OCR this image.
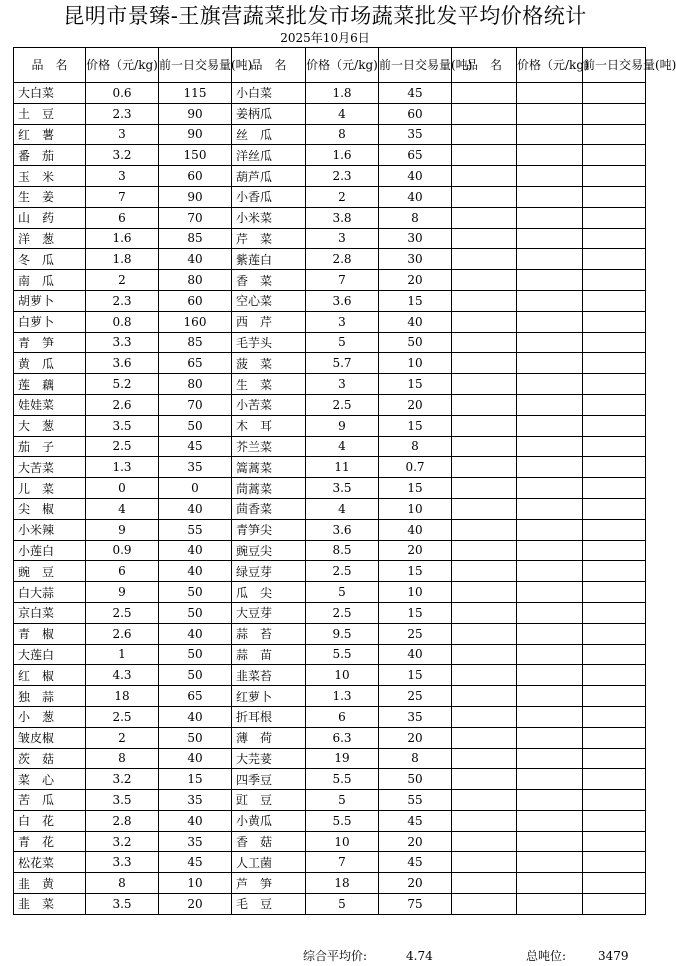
昆明市景臻-王旗营蔬菜批发市场蔬菜批发平均价格统计
2025年10月6日
品　名	价格（元/kg)	前一日交易量(吨)	品　名	价格（元/kg)	前一日交易量(吨)	品　名	价格（元/kg)	前一日交易量(吨)
大白菜	0.6	115	小白菜	1.8	45			
土　豆	2.3	90	姜柄瓜	4	60			
红　薯	3	90	丝　瓜	8	35			
番　茄	3.2	150	洋丝瓜	1.6	65			
玉　米	3	60	葫芦瓜	2.3	40			
生　姜	7	90	小香瓜	2	40			
山　药	6	70	小米菜	3.8	8			
洋　葱	1.6	85	芹　菜	3	30			
冬　瓜	1.8	40	紫莲白	2.8	30			
南　瓜	2	80	香　菜	7	20			
胡萝卜	2.3	60	空心菜	3.6	15			
白萝卜	0.8	160	西　芹	3	40			
青　笋	3.3	85	毛芋头	5	50			
黄　瓜	3.6	65	菠　菜	5.7	10			
莲　藕	5.2	80	生　菜	3	15			
娃娃菜	2.6	70	小苦菜	2.5	20			
大　葱	3.5	50	木　耳	9	15			
茄　子	2.5	45	芥兰菜	4	8			
大苦菜	1.3	35	篙蒿菜	11	0.7			
儿　菜	0	0	茼蒿菜	3.5	15			
尖　椒	4	40	茴香菜	4	10			
小米辣	9	55	青笋尖	3.6	40			
小莲白	0.9	40	豌豆尖	8.5	20			
豌　豆	6	40	绿豆芽	2.5	15			
白大蒜	9	50	瓜　尖	5	10			
京白菜	2.5	50	大豆芽	2.5	15			
青　椒	2.6	40	蒜　苔	9.5	25			
大莲白	1	50	蒜　苗	5.5	40			
红　椒	4.3	50	韭菜苔	10	15			
独　蒜	18	65	红萝卜	1.3	25			
小　葱	2.5	40	折耳根	6	35			
皱皮椒	2	50	薄　荷	6.3	20			
茨　菇	8	40	大芫荽	19	8			
菜　心	3.2	15	四季豆	5.5	50			
苦　瓜	3.5	35	豇　豆	5	55			
白　花	2.8	40	小黄瓜	5.5	45			
青　花	3.2	35	香　菇	10	20			
松花菜	3.3	45	人工菌	7	45			
韭　黄	8	10	芦　笋	18	20			
韭　菜	3.5	20	毛　豆	5	75			
综合平均价:	4.74	总吨位:	3479
